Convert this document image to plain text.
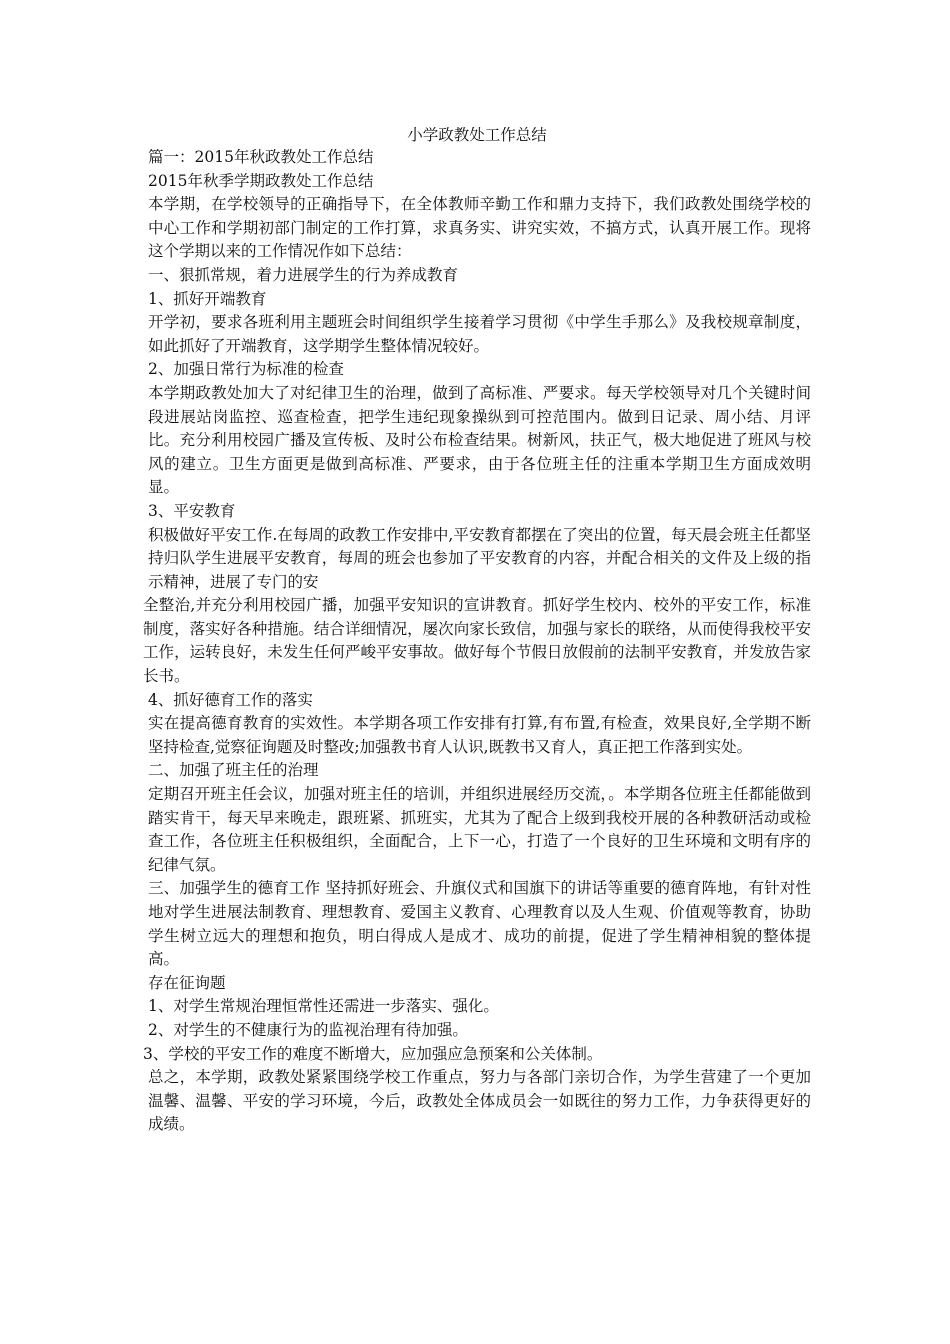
小学政教处工作总结

篇一：2015年秋政教处工作总结

2015年秋季学期政教处工作总结

本学期，在学校领导的正确指导下，在全体教师辛勤工作和鼎力支持下，我们政教处围绕学校的中心工作和学期初部门制定的工作打算，求真务实、讲究实效，不搞方式，认真开展工作。现将这个学期以来的工作情况作如下总结：

一、狠抓常规，着力进展学生的行为养成教育

1、抓好开端教育

开学初，要求各班利用主题班会时间组织学生接着学习贯彻《中学生手那么》及我校规章制度，如此抓好了开端教育，这学期学生整体情况较好。

2、加强日常行为标准的检查

本学期政教处加大了对纪律卫生的治理，做到了高标准、严要求。每天学校领导对几个关键时间段进展站岗监控、巡查检查，把学生违纪现象操纵到可控范围内。做到日记录、周小结、月评比。充分利用校园广播及宣传板、及时公布检查结果。树新风，扶正气，极大地促进了班风与校风的建立。卫生方面更是做到高标准、严要求，由于各位班主任的注重本学期卫生方面成效明显。

3、平安教育

积极做好平安工作.在每周的政教工作安排中,平安教育都摆在了突出的位置，每天晨会班主任都坚持归队学生进展平安教育，每周的班会也参加了平安教育的内容，并配合相关的文件及上级的指示精神，进展了专门的安

全整治,并充分利用校园广播，加强平安知识的宣讲教育。抓好学生校内、校外的平安工作，标准制度，落实好各种措施。结合详细情况，屡次向家长致信，加强与家长的联络，从而使得我校平安工作，运转良好，未发生任何严峻平安事故。做好每个节假日放假前的法制平安教育，并发放告家长书。

4、抓好德育工作的落实

实在提高德育教育的实效性。本学期各项工作安排有打算,有布置,有检查，效果良好,全学期不断坚持检查,觉察征询题及时整改;加强教书育人认识,既教书又育人，真正把工作落到实处。

二、加强了班主任的治理

定期召开班主任会议，加强对班主任的培训，并组织进展经历交流，。本学期各位班主任都能做到踏实肯干，每天早来晚走，跟班紧、抓班实，尤其为了配合上级到我校开展的各种教研活动或检查工作，各位班主任积极组织，全面配合，上下一心，打造了一个良好的卫生环境和文明有序的纪律气氛。

三、加强学生的德育工作 坚持抓好班会、升旗仪式和国旗下的讲话等重要的德育阵地，有针对性地对学生进展法制教育、理想教育、爱国主义教育、心理教育以及人生观、价值观等教育，协助学生树立远大的理想和抱负，明白得成人是成才、成功的前提，促进了学生精神相貌的整体提高。

存在征询题

1、对学生常规治理恒常性还需进一步落实、强化。

2、对学生的不健康行为的监视治理有待加强。

3、学校的平安工作的难度不断增大，应加强应急预案和公关体制。

总之，本学期，政教处紧紧围绕学校工作重点，努力与各部门亲切合作，为学生营建了一个更加温馨、温馨、平安的学习环境，今后，政教处全体成员会一如既往的努力工作，力争获得更好的成绩。
